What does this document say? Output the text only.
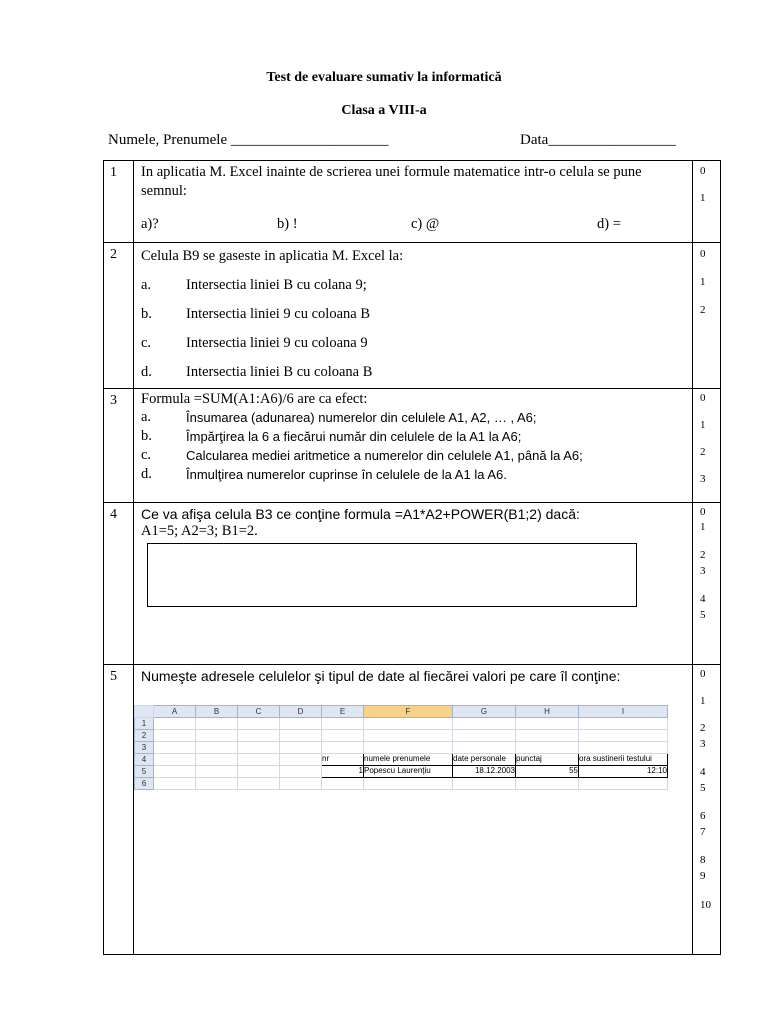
Test de evaluare sumativ la informatică
Clasa a VIII-a
Numele, Prenumele _____________________	Data_________________
1	In aplicatia M. Excel inainte de scrierea unei formule matematice intr-o celula se pune
semnul:
a)?	b) !	c) @	d) =

0
1

2	Celula B9 se gaseste in aplicatia M. Excel la:
a. Intersectia liniei B cu colana 9;
b. Intersectia liniei 9 cu coloana B
c. Intersectia liniei 9 cu coloana 9
d. Intersectia liniei B cu coloana B

0
1
2

3	Formula =SUM(A1:A6)/6 are ca efect:
a.	Însumarea (adunarea) numerelor din celulele A1, A2, … , A6;
b.	Împărţirea la 6 a fiecărui număr din celulele de la A1 la A6;
c.	Calcularea mediei aritmetice a numerelor din celulele A1, până la A6;
d.	Înmulţirea numerelor cuprinse în celulele de la A1 la A6.

0
1
2
3

4	Ce va afişa celula B3 ce conţine formula =A1*A2+POWER(B1;2) dacă:
A1=5; A2=3; B1=2.

0
1
2
3
4
5

5	Numeşte adresele celulelor şi tipul de date al fiecărei valori pe care îl conţine:
	A	B	C	D	E	F	G	H	I
1									
2									
3									
4					nr	numele prenumele	date personale	punctaj	ora sustinerii testului
5					1	Popescu Laurenţiu	18.12.2003	55	12:10
6									

0
1
2
3
4
5
6
7
8
9
10
